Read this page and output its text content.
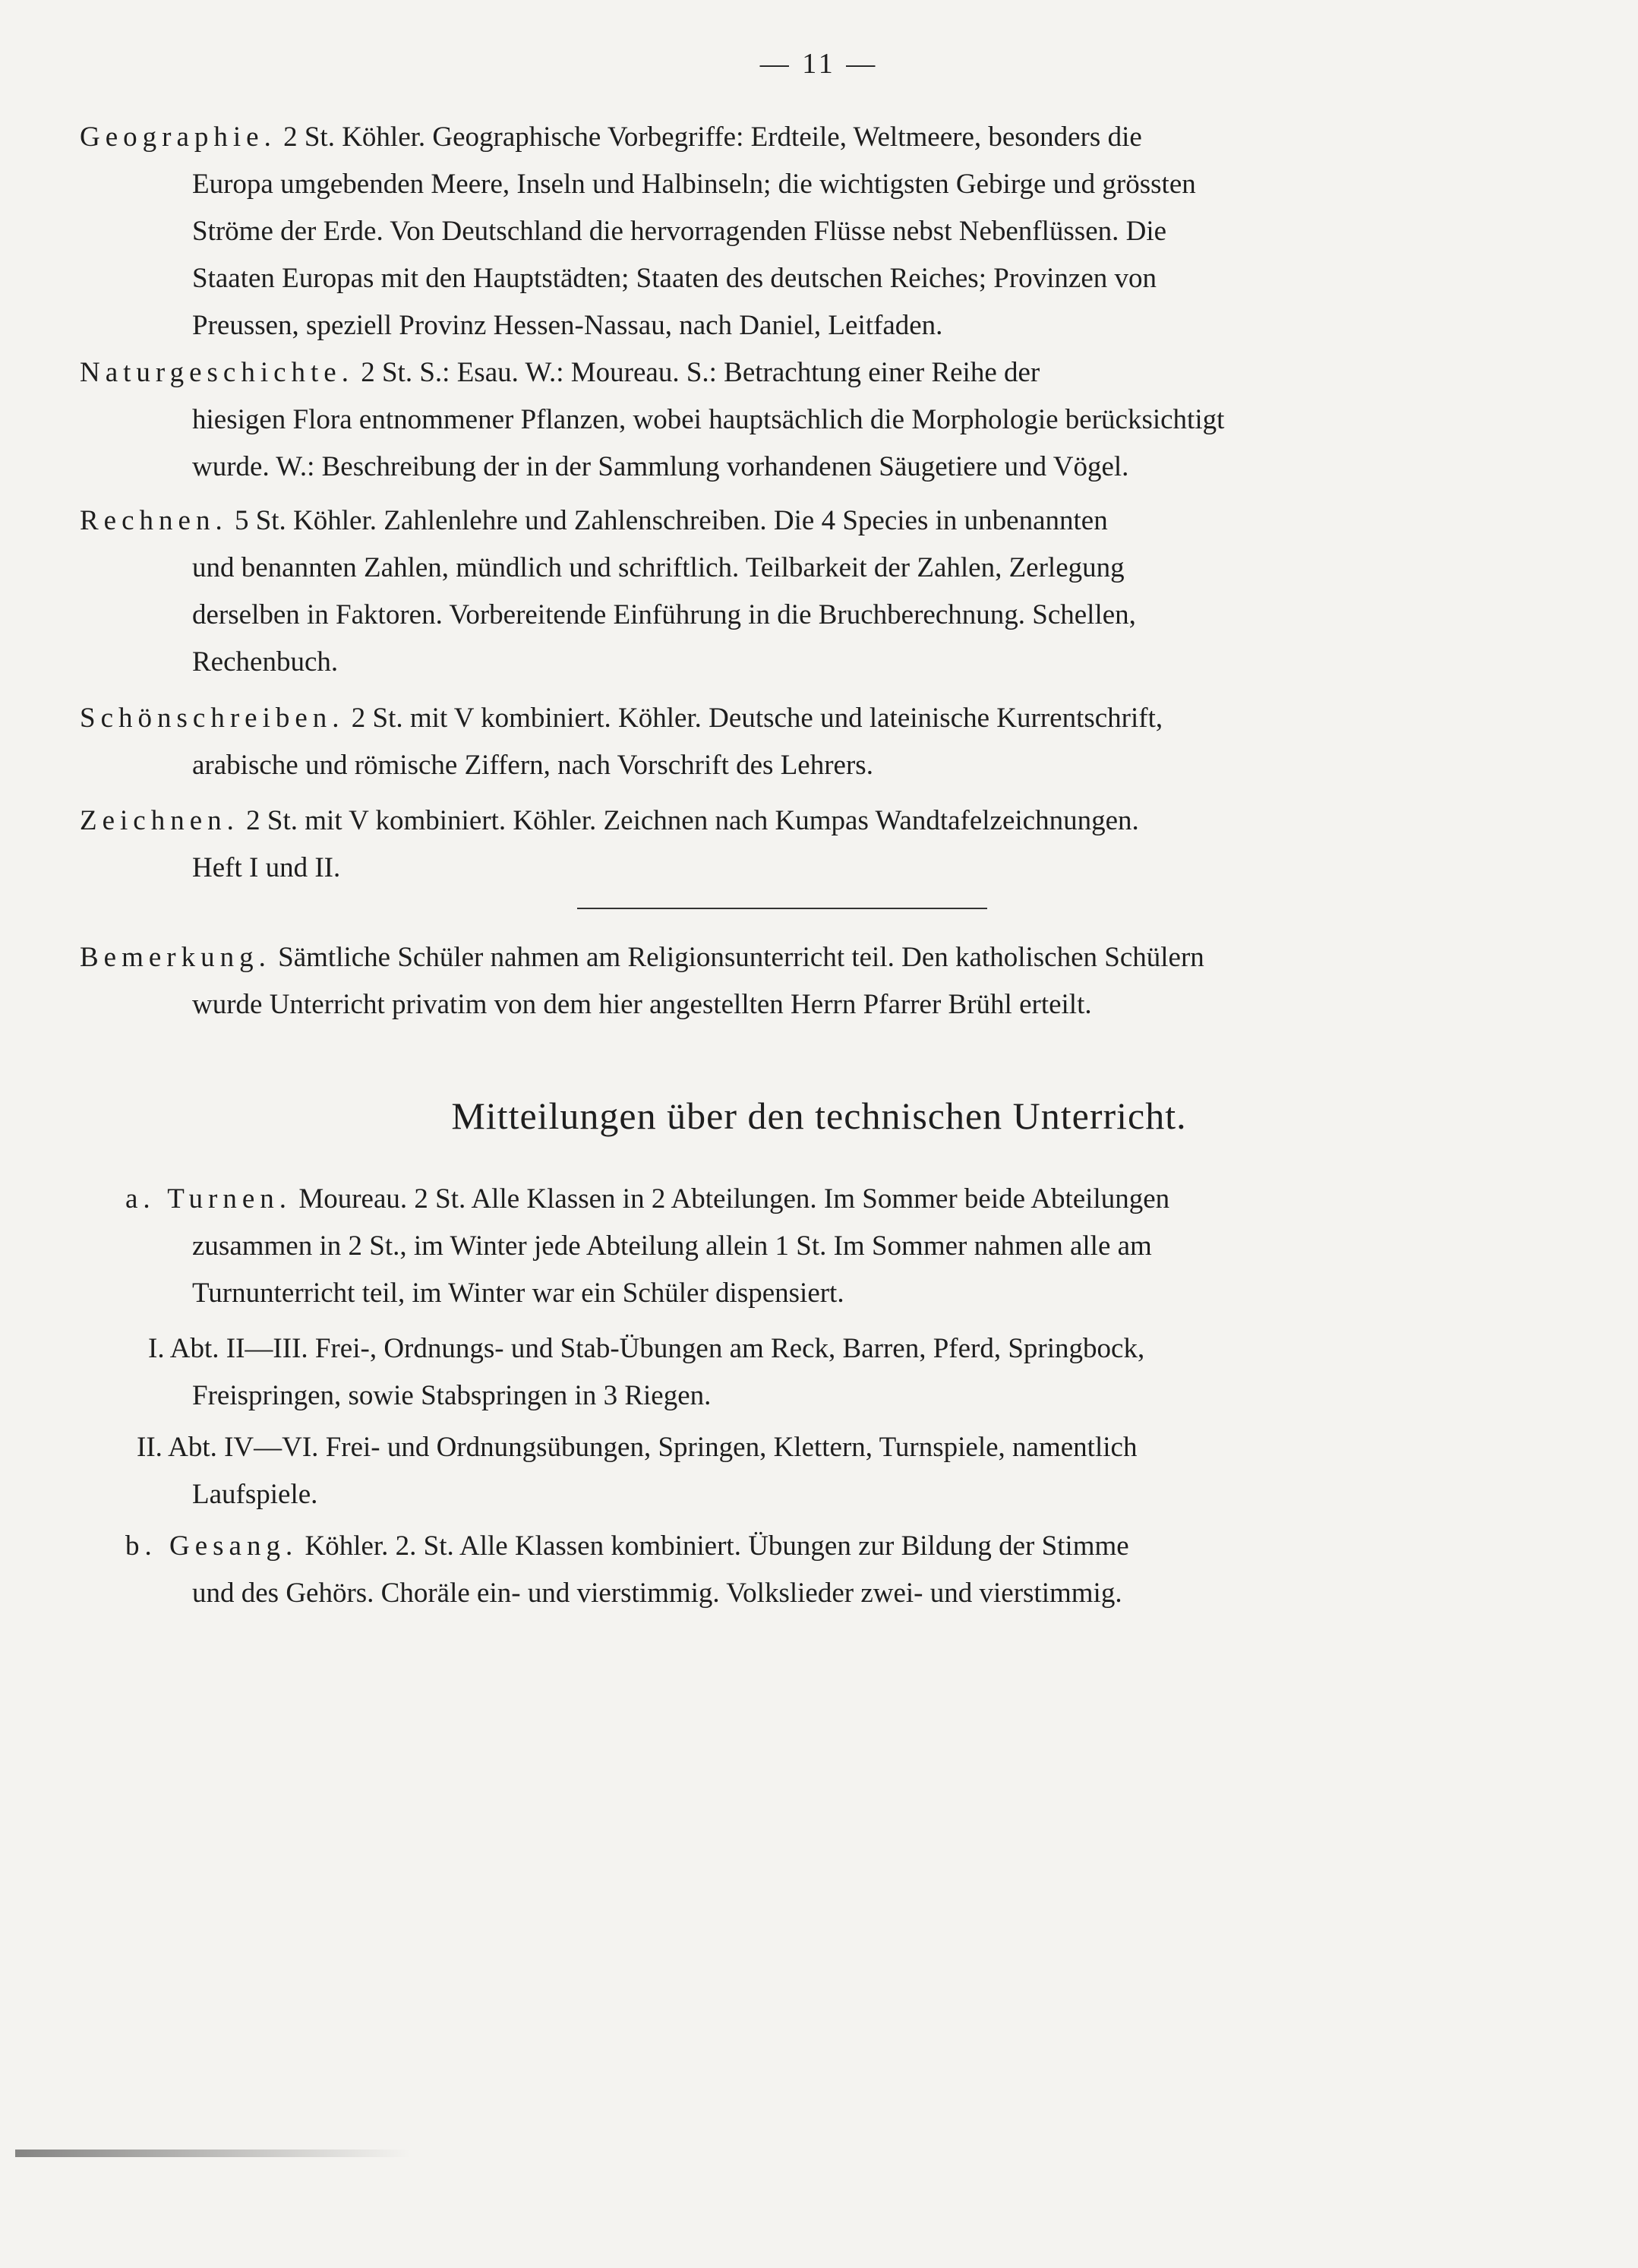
— 11 —
Geographie. 2 St. Köhler. Geographische Vorbegriffe: Erdteile, Weltmeere, besonders die
Europa umgebenden Meere, Inseln und Halbinseln; die wichtigsten Gebirge und grössten
Ströme der Erde. Von Deutschland die hervorragenden Flüsse nebst Nebenflüssen. Die
Staaten Europas mit den Hauptstädten; Staaten des deutschen Reiches; Provinzen von
Preussen, speziell Provinz Hessen-Nassau, nach Daniel, Leitfaden.
Naturgeschichte. 2 St. S.: Esau. W.: Moureau. S.: Betrachtung einer Reihe der
hiesigen Flora entnommener Pflanzen, wobei hauptsächlich die Morphologie berücksichtigt
wurde. W.: Beschreibung der in der Sammlung vorhandenen Säugetiere und Vögel.
Rechnen. 5 St. Köhler. Zahlenlehre und Zahlenschreiben. Die 4 Species in unbenannten
und benannten Zahlen, mündlich und schriftlich. Teilbarkeit der Zahlen, Zerlegung
derselben in Faktoren. Vorbereitende Einführung in die Bruchberechnung. Schellen,
Rechenbuch.
Schönschreiben. 2 St. mit V kombiniert. Köhler. Deutsche und lateinische Kurrentschrift,
arabische und römische Ziffern, nach Vorschrift des Lehrers.
Zeichnen. 2 St. mit V kombiniert. Köhler. Zeichnen nach Kumpas Wandtafelzeichnungen.
Heft I und II.
Bemerkung. Sämtliche Schüler nahmen am Religionsunterricht teil. Den katholischen Schülern
wurde Unterricht privatim von dem hier angestellten Herrn Pfarrer Brühl erteilt.
Mitteilungen über den technischen Unterricht.
a. Turnen. Moureau. 2 St. Alle Klassen in 2 Abteilungen. Im Sommer beide Abteilungen
zusammen in 2 St., im Winter jede Abteilung allein 1 St. Im Sommer nahmen alle am
Turnunterricht teil, im Winter war ein Schüler dispensiert.
I. Abt. II—III. Frei-, Ordnungs- und Stab-Übungen am Reck, Barren, Pferd, Springbock,
Freispringen, sowie Stabspringen in 3 Riegen.
II. Abt. IV—VI. Frei- und Ordnungsübungen, Springen, Klettern, Turnspiele, namentlich
Laufspiele.
b. Gesang. Köhler. 2. St. Alle Klassen kombiniert. Übungen zur Bildung der Stimme
und des Gehörs. Choräle ein- und vierstimmig. Volkslieder zwei- und vierstimmig.
